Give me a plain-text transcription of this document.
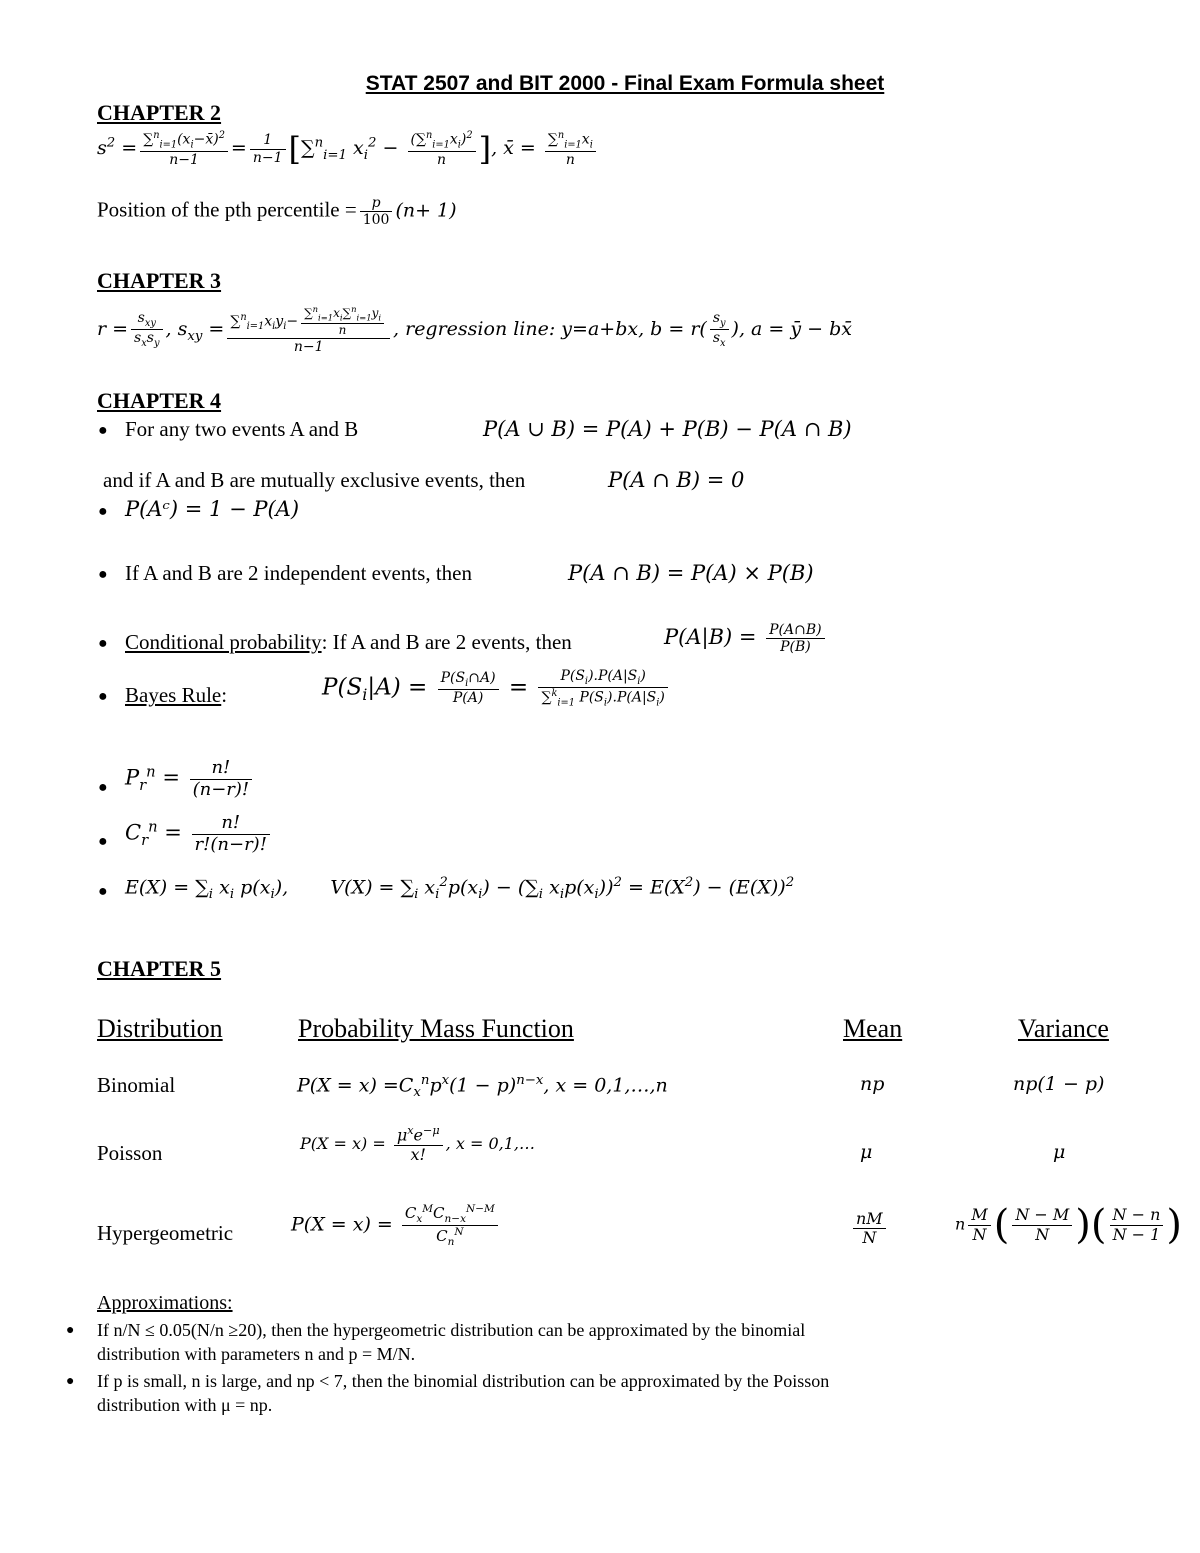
STAT 2507 and BIT 2000 - Final Exam Formula sheet
CHAPTER 2
$s^2 = \frac{\sum^n_{i=1}(x_i-x̄)^2}{n-1} = \frac{1}{n-1} [\sum^n_{i=1}$ $x_i^2 - \frac{(\sum^n_{i=1}x_i)^2}{n}$ ], x̄ = $\frac{\sum^n_{i=1}x_i}{n}$
Position of the pth percentile = $\frac{p}{100} (n+ 1)$
CHAPTER 3
$r = \frac{s_{xy}}{s_xs_y}$ , $s_{xy} = \frac{\sum^n_{i=1}x_iy_i- \frac{\sum^n_{i=1}x_i\sum^n_{i=1}y_i}{n}}{n-1}$ , regression line: y=a+bx, $b = r( \frac{s_y}{s_x}$ ), a = ȳ − bx̄
CHAPTER 4
● For any two events A and B	P(A ∪ B) = P(A) + P(B) − P(A ∩ B)
and if A and B are mutually exclusive events, then	P(A ∩ B) = 0
● P(Aᶜ) = 1 − P(A)
● If A and B are 2 independent events, then	P(A ∩ B) = P(A) × P(B)
● Conditional probability: If A and B are 2 events, then	$P(A|B) = \frac{P(A\cap B)}{P(B)}$
● Bayes Rule:	$P(S_i|A) = \frac{P(S_i\cap A)}{P(A)} = \frac{P(S_i).P(A|S_i)}{\sum^k_{i=1} P(S_i).P(A|S_i)}$
● $P_r^n = \frac{n!}{(n-r)!}$
● $C_r^n = \frac{n!}{r!(n-r)!}$
● $E(X) = \sum_i$ $x_i$ $p(x_i)$,       $V(X) = \sum_i$ $x_i^2p(x_i) - (\sum_i$ $x_ip(x_i))^2 = E(X^2) - (E(X))^2$
CHAPTER 5
Distribution	Probability Mass Function	Mean	Variance
Binomial	$P(X = x) =C_x^np^x(1 - p)^{n-x}$, x = 0,1,…,n	np	np(1 − p)
Poisson	$P(X = x) = \frac{\mu^xe^{-\mu}}{x!}$ , x = 0,1,…	μ	μ
Hypergeometric	$P(X = x) = \frac{C_x^MC_{n-x}^{N-M}}{C_n^N}$	$\frac{nM}{N}$	n $\frac{M}{N}$ ( $\frac{N - M}{N}$ )( $\frac{N - n}{N - 1}$ )
Approximations:
● If n/N ≤ 0.05(N/n ≥20), then the hypergeometric distribution can be approximated by the binomial
distribution with parameters n and p = M/N.
● If p is small, n is large, and np < 7, then the binomial distribution can be approximated by the Poisson
distribution with μ = np.
